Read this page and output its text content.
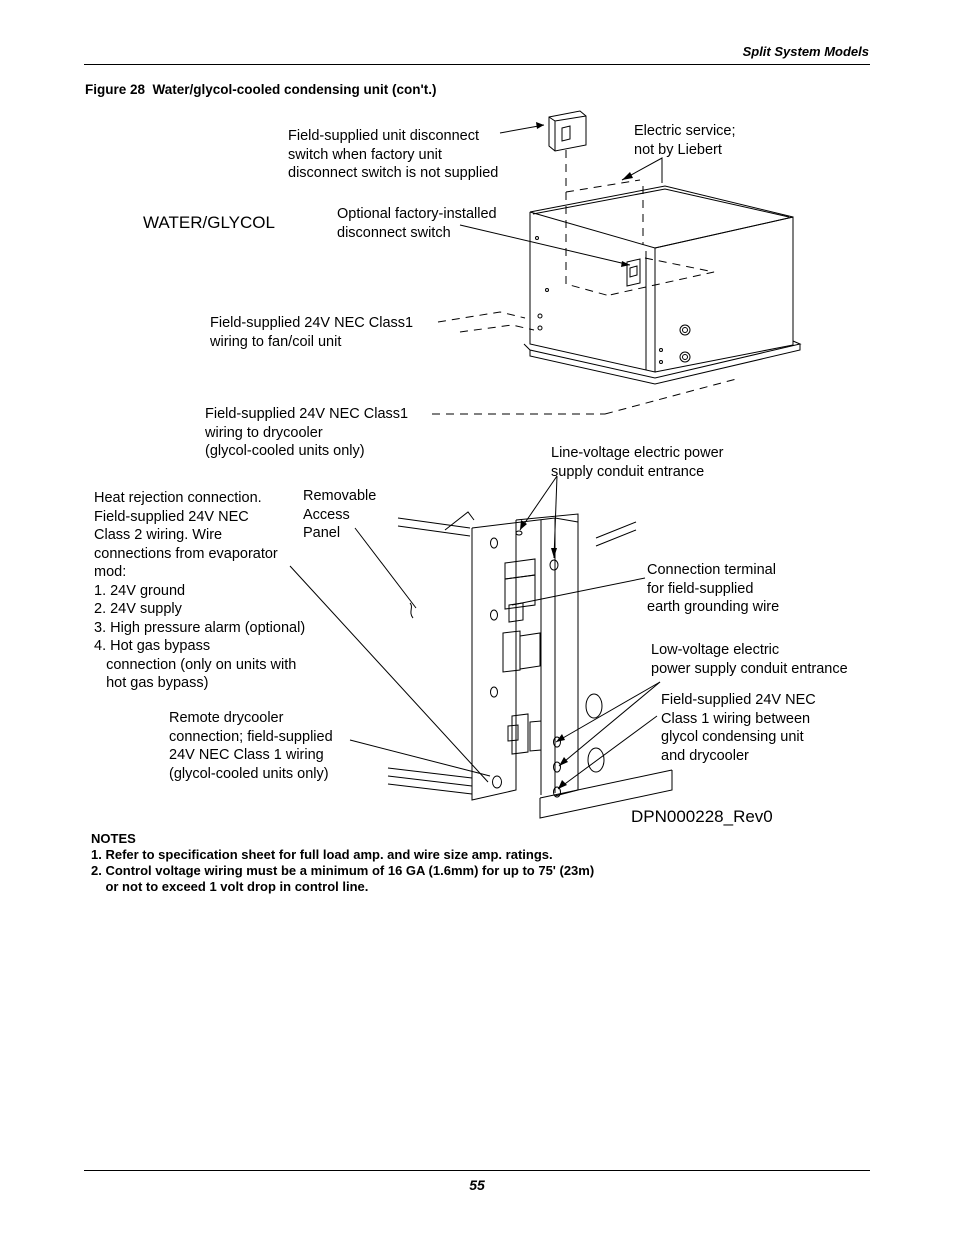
Split System Models
Figure 28  Water/glycol-cooled condensing unit (con't.)
Field-supplied unit disconnect
switch when factory unit
disconnect switch is not supplied
Electric service;
not by Liebert
WATER/GLYCOL	Optional factory-installed
disconnect switch
Field-supplied 24V NEC Class1
wiring to fan/coil unit
Field-supplied 24V NEC Class1
wiring to drycooler
(glycol-cooled units only)	Line-voltage electric power
supply conduit entrance
Heat rejection connection.
Field-supplied 24V NEC
Class 2 wiring. Wire
connections from evaporator
mod:
1. 24V ground
2. 24V supply
3. High pressure alarm (optional)
4. Hot gas bypass
connection (only on units with
hot gas bypass)
Removable
Access
Panel
Connection terminal
for field-supplied
earth grounding wire
Low-voltage electric
power supply conduit entrance
Field-supplied 24V NEC
Class 1 wiring between
glycol condensing unit
and drycooler
Remote drycooler
connection; field-supplied
24V NEC Class 1 wiring
(glycol-cooled units only)
DPN000228_Rev0
NOTES
1. Refer to specification sheet for full load amp. and wire size amp. ratings.
2. Control voltage wiring must be a minimum of 16 GA (1.6mm) for up to 75' (23m)
or not to exceed 1 volt drop in control line.
55
